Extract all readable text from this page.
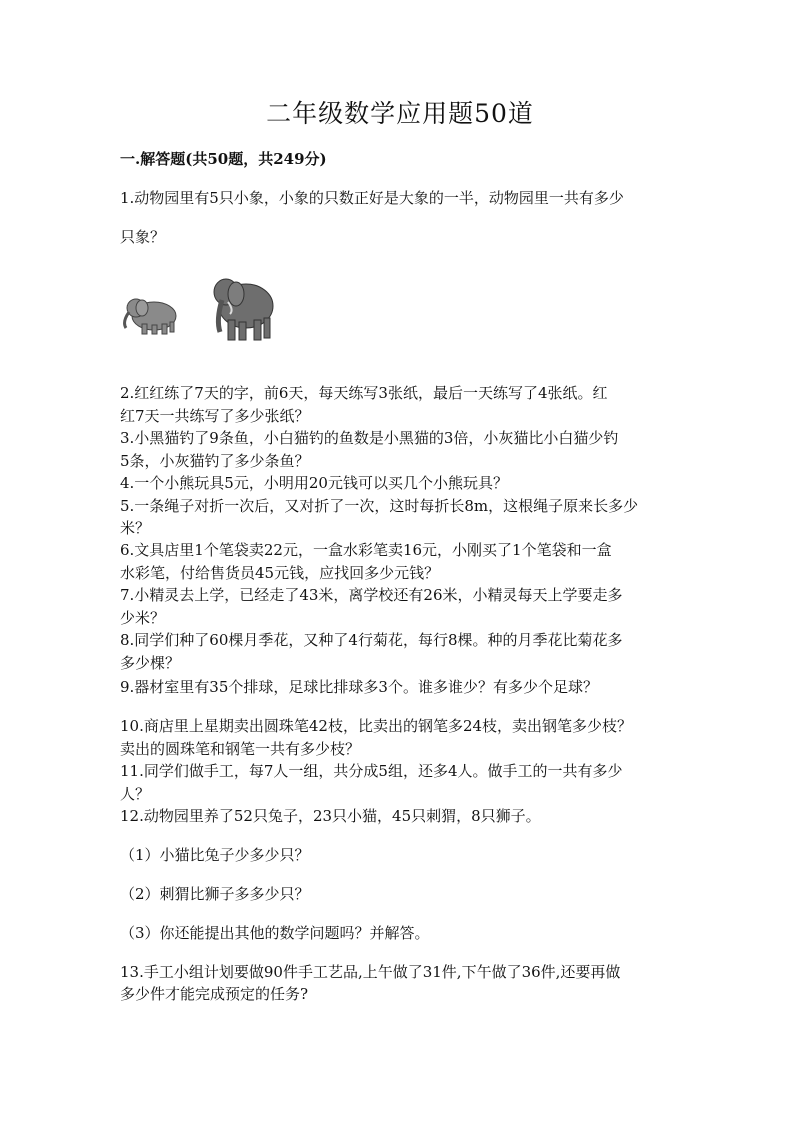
二年级数学应用题50道
一.解答题(共50题，共249分)
1.动物园里有5只小象，小象的只数正好是大象的一半，动物园里一共有多少
只象？
2.红红练了7天的字，前6天，每天练写3张纸，最后一天练写了4张纸。红
红7天一共练写了多少张纸？
3.小黑猫钓了9条鱼，小白猫钓的鱼数是小黑猫的3倍，小灰猫比小白猫少钓
5条，小灰猫钓了多少条鱼？
4.一个小熊玩具5元，小明用20元钱可以买几个小熊玩具？
5.一条绳子对折一次后，又对折了一次，这时每折长8m，这根绳子原来长多少
米？
6.文具店里1个笔袋卖22元，一盒水彩笔卖16元，小刚买了1个笔袋和一盒
水彩笔，付给售货员45元钱，应找回多少元钱？
7.小精灵去上学，已经走了43米，离学校还有26米，小精灵每天上学要走多
少米？
8.同学们种了60棵月季花，又种了4行菊花，每行8棵。种的月季花比菊花多
多少棵？
9.器材室里有35个排球，足球比排球多3个。谁多谁少？有多少个足球？
10.商店里上星期卖出圆珠笔42枝，比卖出的钢笔多24枝，卖出钢笔多少枝？
卖出的圆珠笔和钢笔一共有多少枝？
11.同学们做手工，每7人一组，共分成5组，还多4人。做手工的一共有多少
人？
12.动物园里养了52只兔子，23只小猫，45只刺猬，8只狮子。
（1）小猫比兔子少多少只？
（2）刺猬比狮子多多少只？
（3）你还能提出其他的数学问题吗？并解答。
13.手工小组计划要做90件手工艺品,上午做了31件,下午做了36件,还要再做
多少件才能完成预定的任务?
